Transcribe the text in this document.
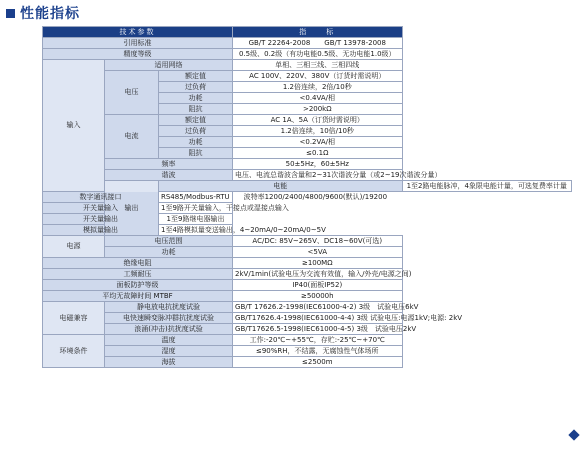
性能指标
技术参数			指　　标	
引用标准			GB/T 22264-2008　　GB/T 13978-2008	
精度等级			0.5级、0.2级（有功电能0.5级、无功电能1.0级）	
输入	适用网络		单相、三相三线、三相四线	
	电压	额定值	AC 100V、220V、380V（订货时需说明）	
		过负荷	1.2倍连续，2倍/10秒	
		功耗	<0.4VA/相	
		阻抗	>200kΩ	
	电流	额定值	AC 1A、5A（订货时需说明）	
		过负荷	1.2倍连续，10倍/10秒	
		功耗	<0.2VA/相	
		阻抗	≤0.1Ω	
	频率		50±5Hz，60±5Hz	
	谐波		电压、电流总谐波含量和2~31次谐波分量（或2~19次谐波分量）	
	输出	电能		1至2路电能脉冲，4象限电能计量，可选复费率计量
数字通讯接口		RS485/Modbus-RTU　　波特率1200/2400/4800/9600(默认)/19200		
开关量输入		1至9路开关量输入，干接点或湿接点输入		
开关量输出		1至9路继电器输出		
模拟量输出		1至4路模拟量变送输出，4~20mA/0~20mA/0~5V		
电源	电压范围		AC/DC: 85V~265V、DC18~60V(可选)	
	功耗		<5VA	
绝缘电阻			≥100MΩ	
工频耐压			2kV/1min(试验电压为交流有效值，输入/外壳/电源之间)	
面板防护等级			IP40(面板IP52)	
平均无故障时间 MTBF			≥50000h	
电磁兼容	静电放电抗扰度试验		GB/T 17626.2-1998(IEC61000-4-2) 3级　试验电压6kV	
	电快速瞬变脉冲群抗扰度试验		GB/T17626.4-1998(IEC61000-4-4) 3级 试验电压:电源1kV;电源: 2kV	
	浪涌(冲击)抗扰度试验		GB/T17626.5-1998(IEC61000-4-5) 3级　试验电压2kV	
环境条件	温度		工作:-20℃~+55℃，存贮:-25℃~+70℃	
	湿度		≤90%RH，不结露，无腐蚀性气体场所	
	海拔		≤2500m	
